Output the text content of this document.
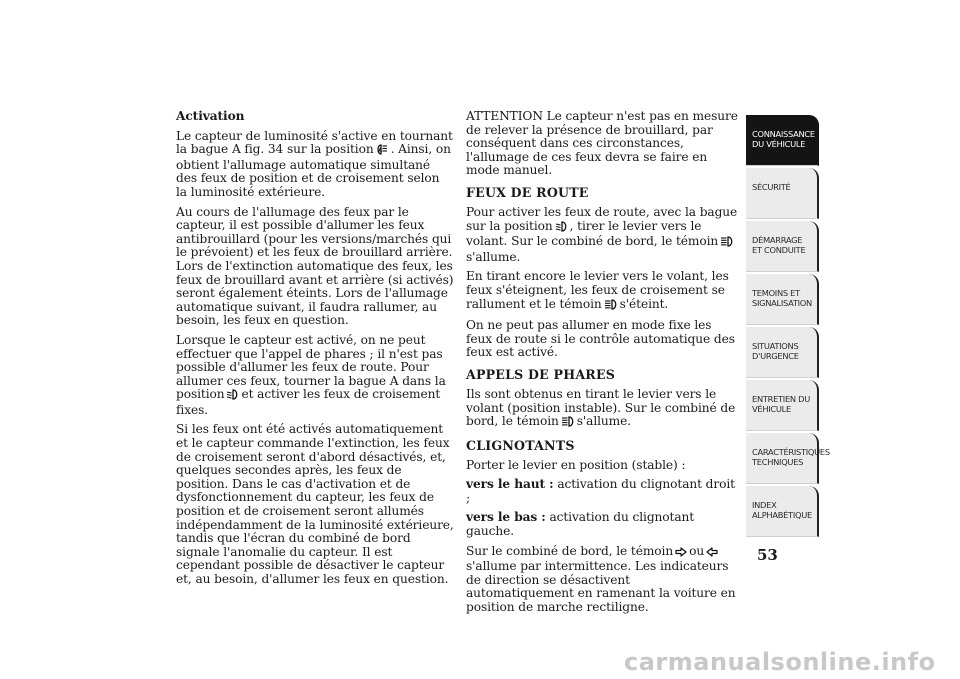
Activation

Le capteur de luminosité s'active en tournant la bague A fig. 34 sur la position A . Ainsi, on obtient l'allumage automatique simultané des feux de position et de croisement selon la luminosité extérieure.

Au cours de l'allumage des feux par le capteur, il est possible d'allumer les feux antibrouillard (pour les versions/marchés qui le prévoient) et les feux de brouillard arrière. Lors de l'extinction automatique des feux, les feux de brouillard avant et arrière (si activés) seront également éteints. Lors de l'allumage automatique suivant, il faudra rallumer, au besoin, les feux en question.

Lorsque le capteur est activé, on ne peut effectuer que l'appel de phares ; il n'est pas possible d'allumer les feux de route. Pour allumer ces feux, tourner la bague A dans la position et activer les feux de croisement fixes.

Si les feux ont été activés automatiquement et le capteur commande l'extinction, les feux de croisement seront d'abord désactivés, et, quelques secondes après, les feux de position. Dans le cas d'activation et de dysfonctionnement du capteur, les feux de position et de croisement seront allumés indépendamment de la luminosité extérieure, tandis que l'écran du combiné de bord signale l'anomalie du capteur. Il est cependant possible de désactiver le capteur et, au besoin, d'allumer les feux en question.

ATTENTION Le capteur n'est pas en mesure de relever la présence de brouillard, par conséquent dans ces circonstances, l'allumage de ces feux devra se faire en mode manuel.

FEUX DE ROUTE

Pour activer les feux de route, avec la bague sur la position , tirer le levier vers le volant. Sur le combiné de bord, le témoins'allume.

En tirant encore le levier vers le volant, les feux s'éteignent, les feux de croisement se rallument et le témoin s'éteint.

On ne peut pas allumer en mode fixe les feux de route si le contrôle automatique des feux est activé.

APPELS DE PHARES

Ils sont obtenus en tirant le levier vers le volant (position instable). Sur le combiné de bord, le témoin s'allume.

CLIGNOTANTS

Porter le levier en position (stable) :

vers le haut : activation du clignotant droit ;

vers le bas : activation du clignotant gauche.

Sur le combiné de bord, le témoin ous'allume par intermittence. Les indicateurs de direction se désactivent automatiquement en ramenant la voiture en position de marche rectiligne.

CONNAISSANCE DU VÉHICULE
SÉCURITÉ
DÉMARRAGE ET CONDUITE
TEMOINS ET SIGNALISATION
SITUATIONS D'URGENCE
ENTRETIEN DU VÉHICULE
CARACTÉRISTIQUES TECHNIQUES
INDEX ALPHABÉTIQUE
53
carmanualsonline.info
